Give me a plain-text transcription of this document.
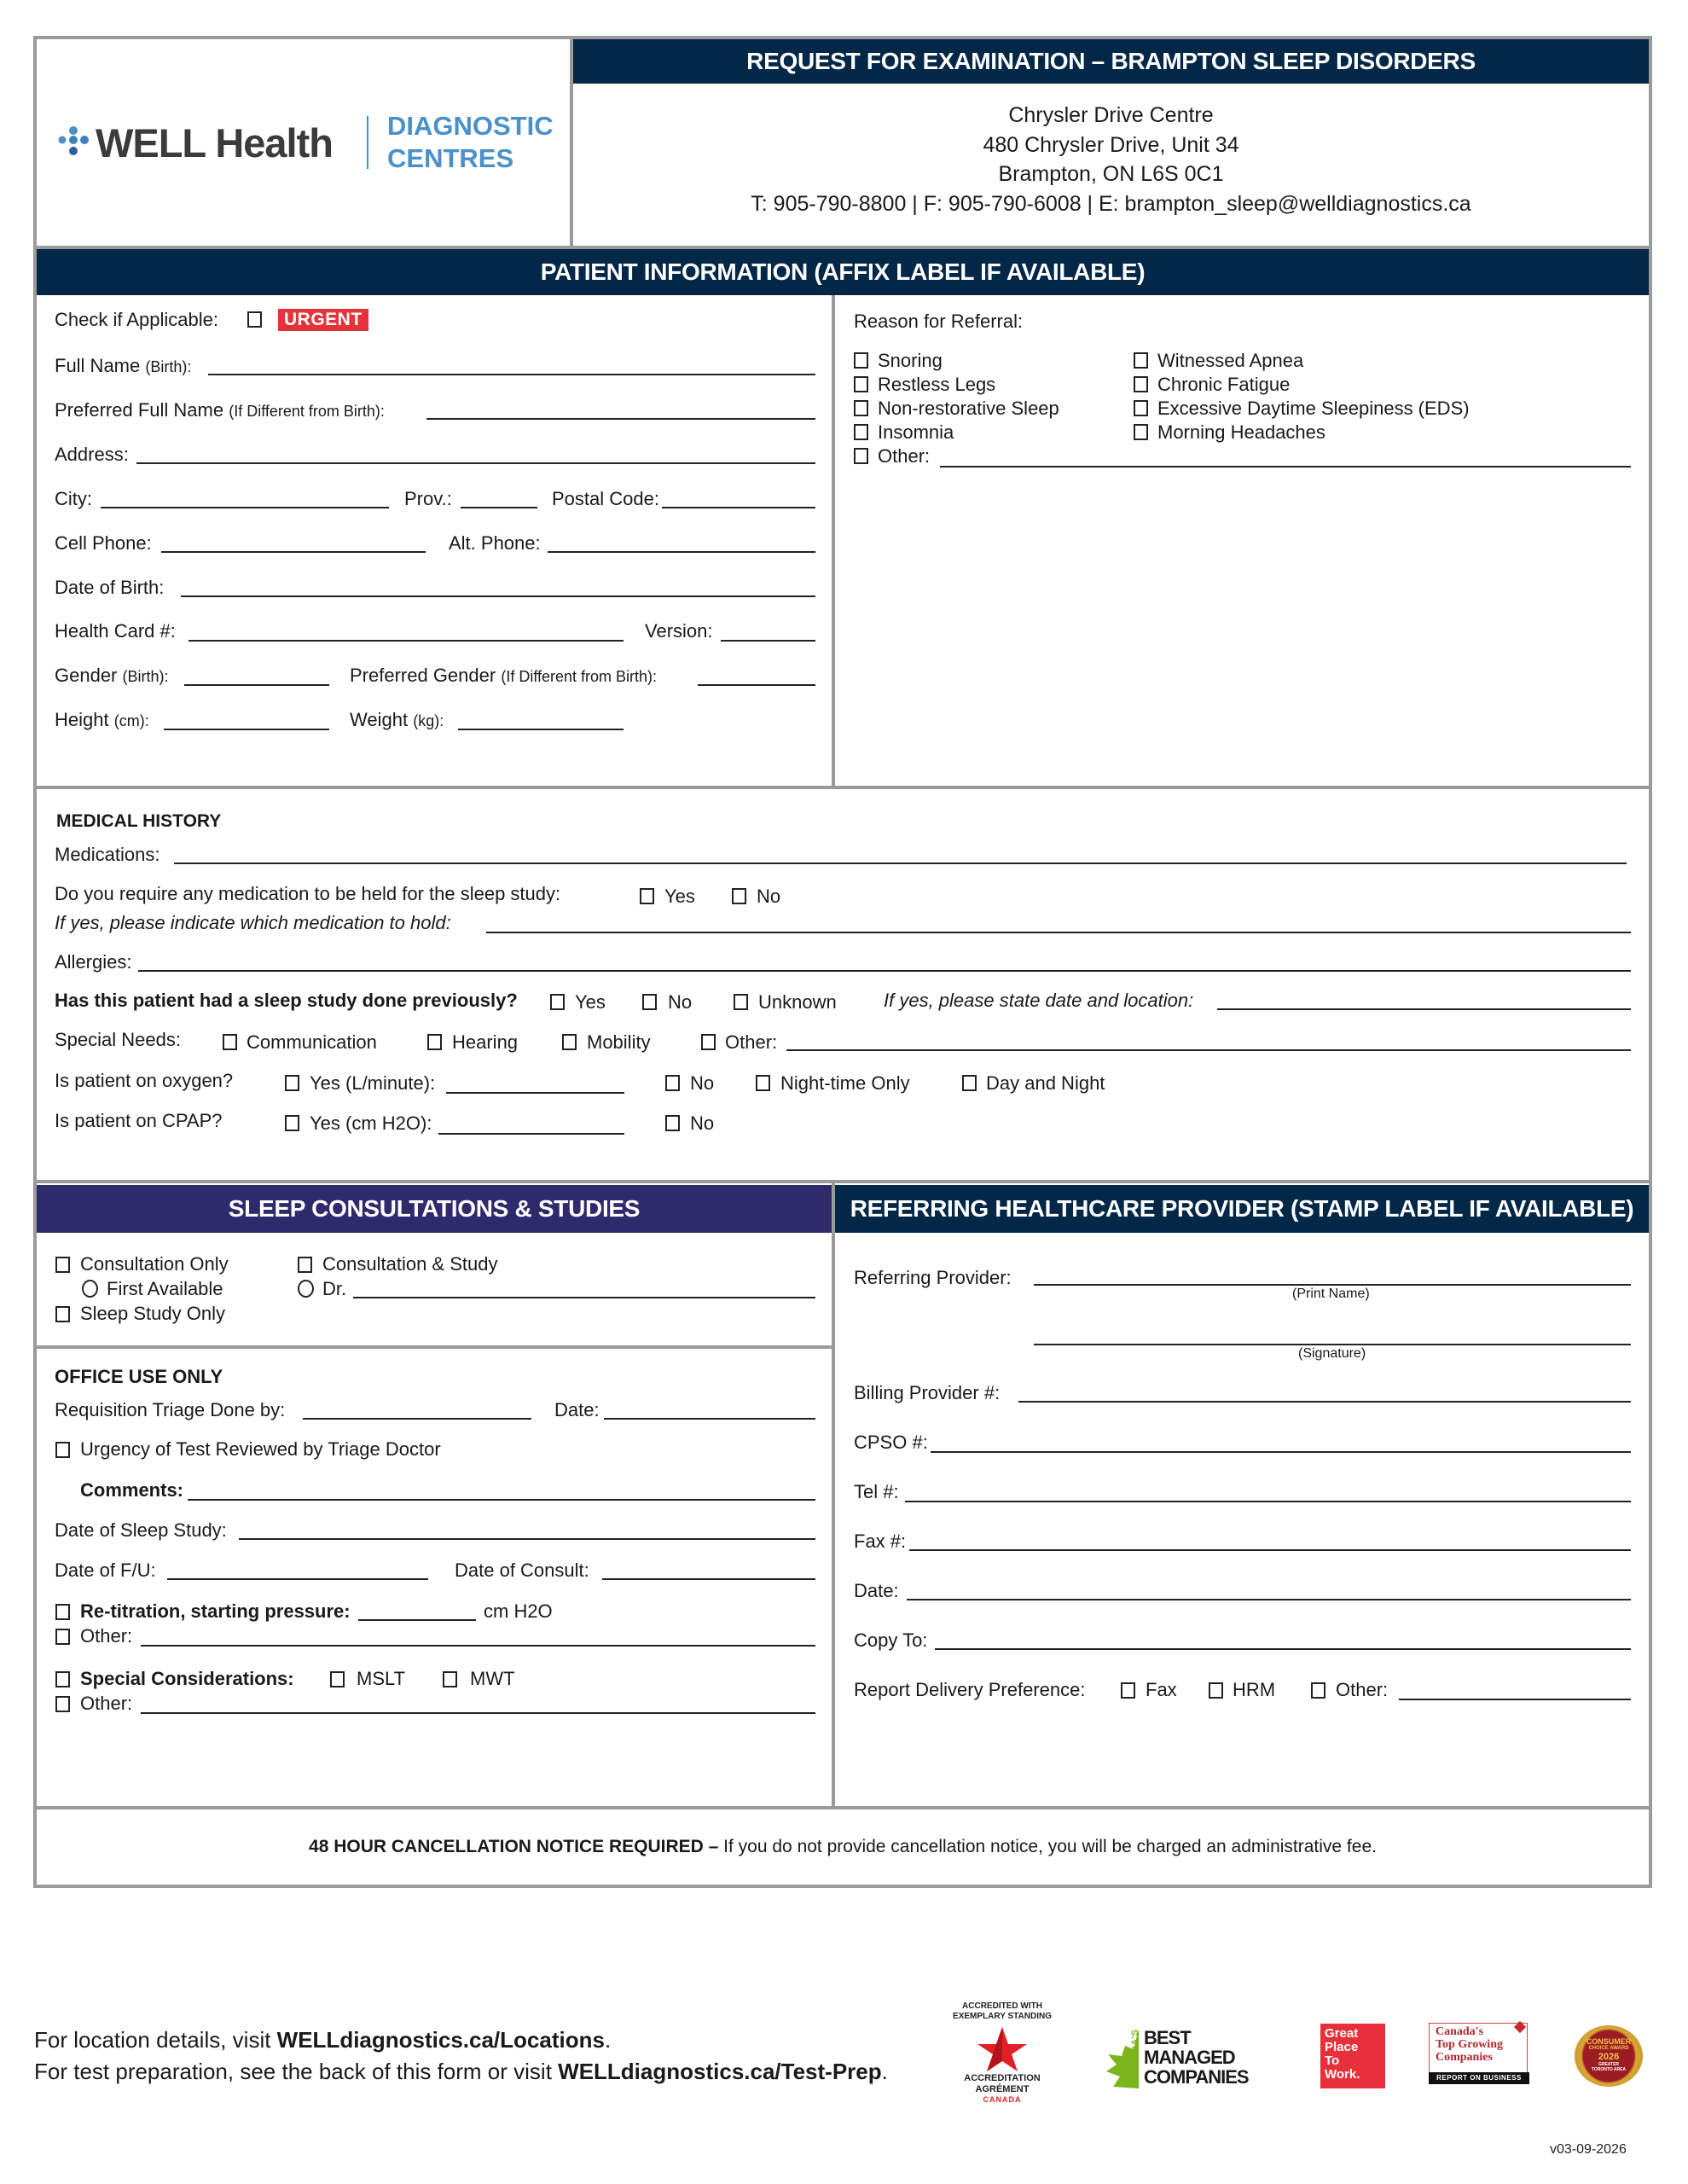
WELL Health DIAGNOSTIC
CENTRES
REQUEST FOR EXAMINATION – BRAMPTON SLEEP DISORDERS
Chrysler Drive Centre
480 Chrysler Drive, Unit 34
Brampton, ON L6S 0C1
T: 905-790-8800 | F: 905-790-6008 | E: brampton_sleep@welldiagnostics.ca
PATIENT INFORMATION (AFFIX LABEL IF AVAILABLE)
Check if Applicable:	URGENT
Full Name (Birth):
Preferred Full Name (If Different from Birth):
Address:
City:	Prov.:	Postal Code:
Cell Phone:	Alt. Phone:
Date of Birth:
Health Card #:	Version:
Gender (Birth):	Preferred Gender (If Different from Birth):
Height (cm):	Weight (kg):
Reason for Referral:
Snoring
Restless Legs
Non-restorative Sleep
Insomnia
Other:
Witnessed Apnea
Chronic Fatigue
Excessive Daytime Sleepiness (EDS)
Morning Headaches
MEDICAL HISTORY
Medications:
Do you require any medication to be held for the sleep study:	Yes	No
If yes, please indicate which medication to hold:
Allergies:
Has this patient had a sleep study done previously?	Yes	No	Unknown	If yes, please state date and location:
Special Needs:	Communication	Hearing	Mobility	Other:
Is patient on oxygen?	Yes (L/minute):	No	Night-time Only	Day and Night
Is patient on CPAP?	Yes (cm H2O):	No
SLEEP CONSULTATIONS & STUDIES	REFERRING HEALTHCARE PROVIDER (STAMP LABEL IF AVAILABLE)
Consultation Only
First Available
Sleep Study Only
Consultation & Study
Dr.
OFFICE USE ONLY
Requisition Triage Done by:	Date:
Urgency of Test Reviewed by Triage Doctor
Comments:
Date of Sleep Study:
Date of F/U:	Date of Consult:
Re-titration, starting pressure:	cm H2O
Other:
Special Considerations:	MSLT	MWT
Other:
Referring Provider:
(Print Name)
(Signature)
Billing Provider #:
CPSO #:
Tel #:
Fax #:
Date:
Copy To:
Report Delivery Preference:	Fax	HRM	Other:
48 HOUR CANCELLATION NOTICE REQUIRED – If you do not provide cancellation notice, you will be charged an administrative fee.
For location details, visit WELLdiagnostics.ca/Locations.
For test preparation, see the back of this form or visit WELLdiagnostics.ca/Test-Prep.
ACCREDITED WITH
EXEMPLARY STANDING
ACCREDITATION
AGRÉMENT
CANADA
CANADA'S BEST
MANAGED
COMPANIES
Great
Place
To
Work.
Canada's
Top Growing
Companies
REPORT ON BUSINESS
CONSUMER
CHOICE AWARD
2026
GREATER
TORONTO AREA
v03-09-2026
